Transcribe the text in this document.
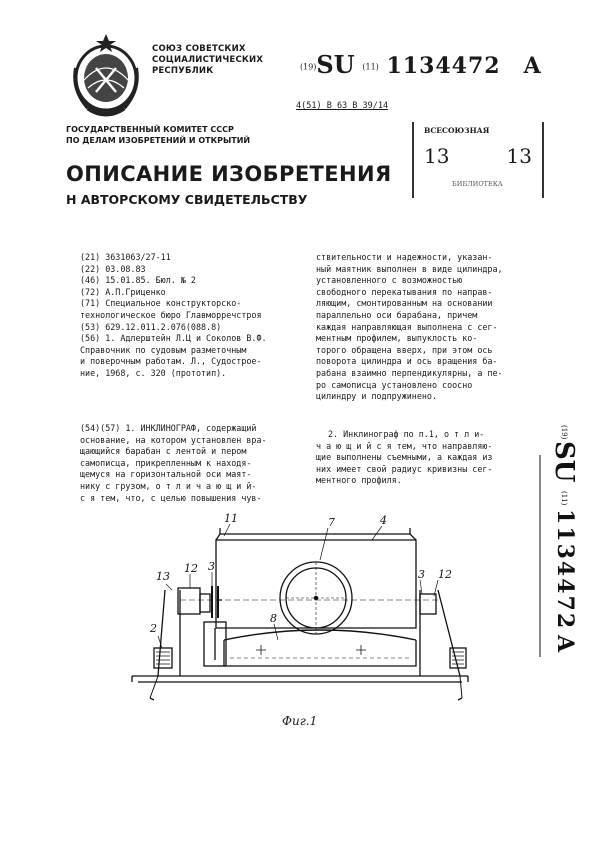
СОЮЗ СОВЕТСКИХ
СОЦИАЛИСТИЧЕСКИХ
РЕСПУБЛИК	(19)SU (11) 1134472 A
4(51) В 63 В 39/14
ГОСУДАРСТВЕННЫЙ КОМИТЕТ СССР
ПО ДЕЛАМ ИЗОБРЕТЕНИЙ И ОТКРЫТИЙ
ВСЕСОЮЗНАЯ
13	13
БИБЛИОТЕКА
ОПИСАНИЕ ИЗОБРЕТЕНИЯ
Н АВТОРСКОМУ СВИДЕТЕЛЬСТВУ
(21) 3631063/27-11
(22) 03.08.83
(46) 15.01.85. Бюл. № 2
(72) А.П.Гриценко
(71) Специальное конструкторско-
технологическое бюро Главморречстроя
(53) 629.12.011.2.076(088.8)
(56) 1. Адлерштейн Л.Ц и Соколов В.Ф.
Справочник по судовым разметочным
и поверочным работам. Л., Судострое-
ние, 1968, с. 320 (прототип).
(54)(57) 1. ИНКЛИНОГРАФ, содержащий
основание, на котором установлен вра-
щающийся барабан с лентой и пером
самописца, прикрепленным к находя-
щемуся на горизонтальной оси маят-
нику с грузом, о т л и ч а ю щ и й-
с я тем, что, с целью повышения чув-
ствительности и надежности, указан-
ный маятник выполнен в виде цилиндра,
установленного с возможностью
свободного перекатывания по направ-
ляющим, смонтированным на основании
параллельно оси барабана, причем
каждая направляющая выполнена с сег-
ментным профилем, выпуклость ко-
торого обращена вверх, при этом ось
поворота цилиндра и ось вращения ба-
рабана взаимно перпендикулярны, а пе-
ро самописца установлено соосно
цилиндру и подпружинено.
2. Инклинограф по п.1, о т л и-
ч а ю щ и й с я тем, что направляю-
щие выполнены съемными, а каждая из
них имеет свой радиус кривизны сег-
ментного профиля.
(19)
SU
(11)
1134472
A
11	7	4
12 3
3 12
13
2
8
Фиг.1
